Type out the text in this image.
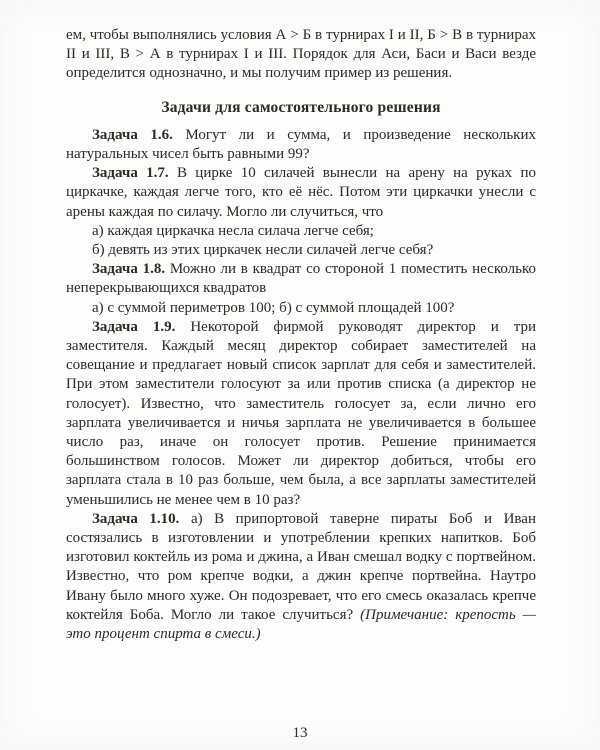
ем, чтобы выполнялись условия А > Б в турнирах I и II, Б > В в турнирах II и III, В > А в турнирах I и III. Порядок для Аси, Баси и Васи везде определится однозначно, и мы получим пример из решения.

Задачи для самостоятельного решения

Задача 1.6. Могут ли и сумма, и произведение нескольких натуральных чисел быть равными 99?

Задача 1.7. В цирке 10 силачей вынесли на арену на руках по циркачке, каждая легче того, кто её нёс. Потом эти циркачки унесли с арены каждая по силачу. Могло ли случиться, что

а) каждая циркачка несла силача легче себя;

б) девять из этих циркачек несли силачей легче себя?

Задача 1.8. Можно ли в квадрат со стороной 1 поместить несколько неперекрывающихся квадратов

а) с суммой периметров 100; б) с суммой площадей 100?

Задача 1.9. Некоторой фирмой руководят директор и три заместителя. Каждый месяц директор собирает заместителей на совещание и предлагает новый список зарплат для себя и заместителей. При этом заместители голосуют за или против списка (а директор не голосует). Известно, что заместитель голосует за, если лично его зарплата увеличивается и ничья зарплата не увеличивается в большее число раз, иначе он голосует против. Решение принимается большинством голосов. Может ли директор добиться, чтобы его зарплата стала в 10 раз больше, чем была, а все зарплаты заместителей уменьшились не менее чем в 10 раз?

Задача 1.10. а) В припортовой таверне пираты Боб и Иван состязались в изготовлении и употреблении крепких напитков. Боб изготовил коктейль из рома и джина, а Иван смешал водку с портвейном. Известно, что ром крепче водки, а джин крепче портвейна. Наутро Ивану было много хуже. Он подозревает, что его смесь оказалась крепче коктейля Боба. Могло ли такое случиться? (Примечание: крепость — это процент спирта в смеси.)

13
